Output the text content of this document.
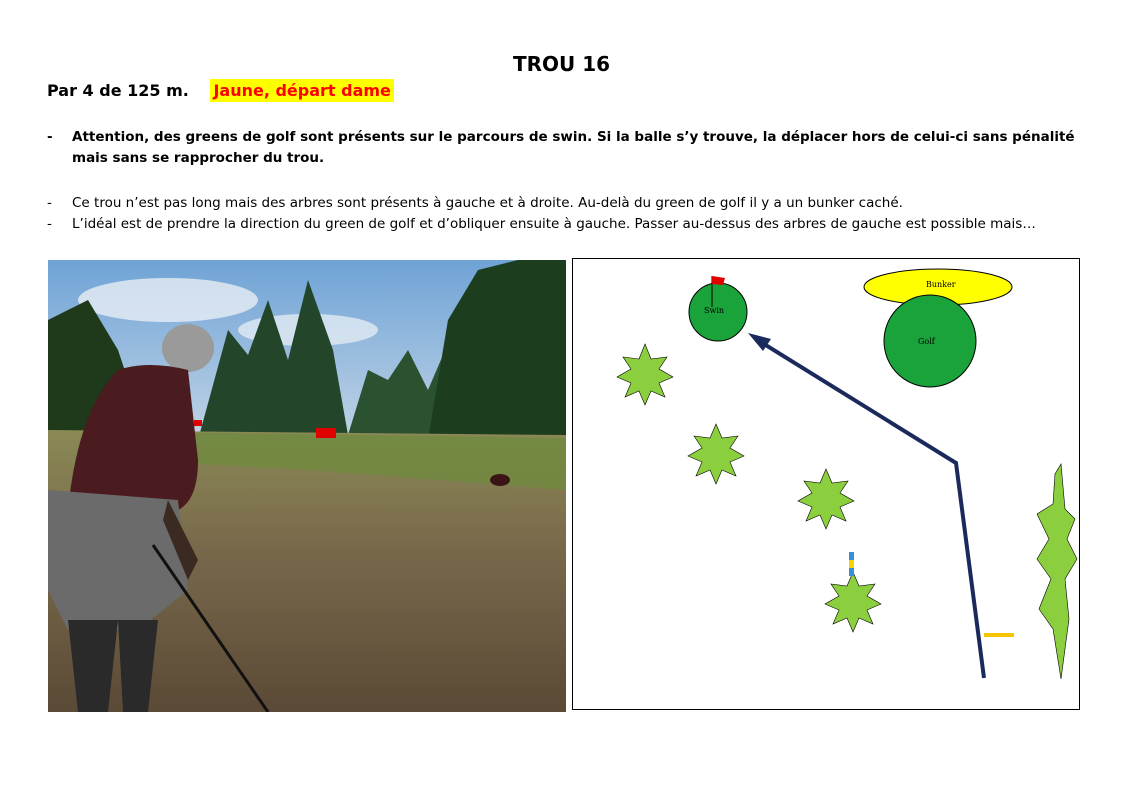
TROU 16
Par 4 de 125 m. Jaune, départ dame
- Attention, des greens de golf sont présents sur le parcours de swin. Si la balle s’y trouve, la déplacer hors de celui-ci sans pénalité mais sans se rapprocher du trou.
- Ce trou n’est pas long mais des arbres sont présents à gauche et à droite. Au-delà du green de golf il y a un bunker caché.
- L’idéal est de prendre la direction du green de golf et d’obliquer ensuite à gauche. Passer au-dessus des arbres de gauche est possible mais…
Bunker
Golf
Swin
